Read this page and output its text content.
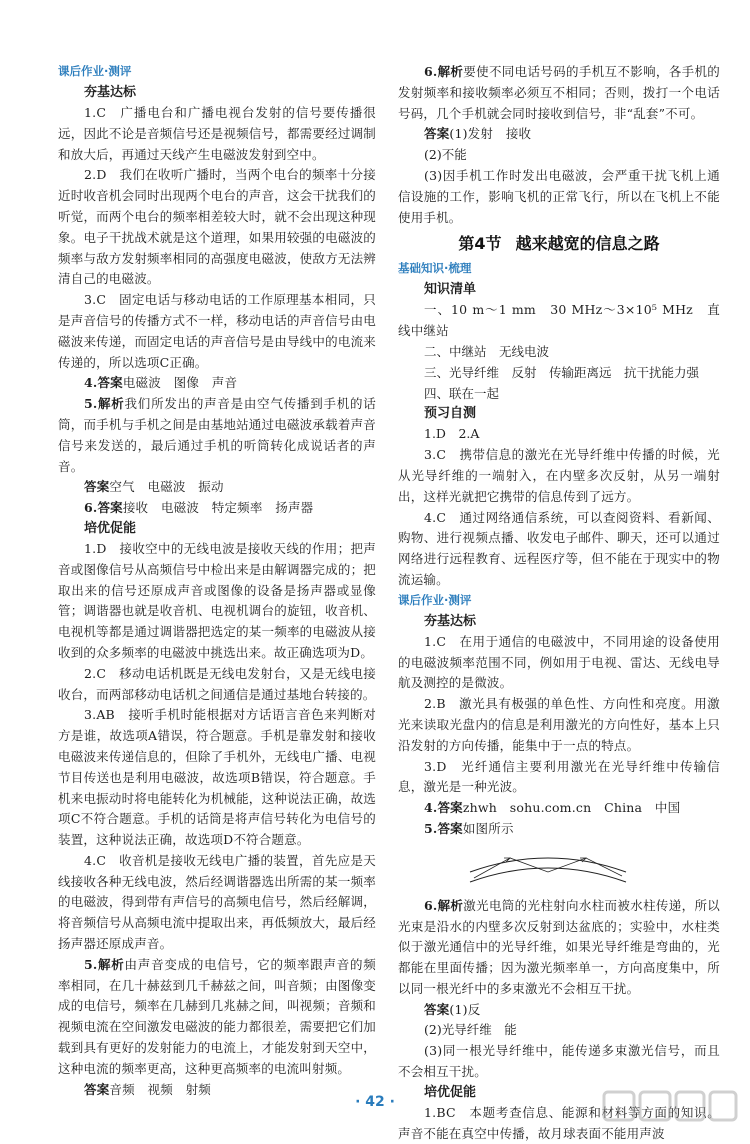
课后作业·测评
夯基达标

1.C　广播电台和广播电视台发射的信号要传播很远，因此不论是音频信号还是视频信号，都需要经过调制和放大后，再通过天线产生电磁波发射到空中。

2.D　我们在收听广播时，当两个电台的频率十分接近时收音机会同时出现两个电台的声音，这会干扰我们的听觉，而两个电台的频率相差较大时，就不会出现这种现象。电子干扰战术就是这个道理，如果用较强的电磁波的频率与敌方发射频率相同的高强度电磁波，使敌方无法辨清自己的电磁波。

3.C　固定电话与移动电话的工作原理基本相同，只是声音信号的传播方式不一样，移动电话的声音信号由电磁波来传递，而固定电话的声音信号是由导线中的电流来传递的，所以选项C正确。

4.答案电磁波　图像　声音

5.解析我们所发出的声音是由空气传播到手机的话筒，而手机与手机之间是由基地站通过电磁波承载着声音信号来发送的，最后通过手机的听筒转化成说话者的声音。

答案空气　电磁波　振动

6.答案接收　电磁波　特定频率　扬声器

培优促能

1.D　接收空中的无线电波是接收天线的作用；把声音或图像信号从高频信号中检出来是由解调器完成的；把取出来的信号还原成声音或图像的设备是扬声器或显像管；调谐器也就是收音机、电视机调台的旋钮，收音机、电视机等都是通过调谐器把选定的某一频率的电磁波从接收到的众多频率的电磁波中挑选出来。故正确选项为D。

2.C　移动电话机既是无线电发射台，又是无线电接收台，而两部移动电话机之间通信是通过基地台转接的。

3.AB　接听手机时能根据对方话语言音色来判断对方是谁，故选项A错误，符合题意。手机是靠发射和接收电磁波来传递信息的，但除了手机外，无线电广播、电视节目传送也是利用电磁波，故选项B错误，符合题意。手机来电振动时将电能转化为机械能，这种说法正确，故选项C不符合题意。手机的话筒是将声信号转化为电信号的装置，这种说法正确，故选项D不符合题意。

4.C　收音机是接收无线电广播的装置，首先应是天线接收各种无线电波，然后经调谐器选出所需的某一频率的电磁波，得到带有声信号的高频电信号，然后经解调，将音频信号从高频电流中提取出来，再低频放大，最后经扬声器还原成声音。

5.解析由声音变成的电信号，它的频率跟声音的频率相同，在几十赫兹到几千赫兹之间，叫音频；由图像变成的电信号，频率在几赫到几兆赫之间，叫视频；音频和视频电流在空间激发电磁波的能力都很差，需要把它们加载到具有更好的发射能力的电流上，才能发射到天空中，这种电流的频率更高，这种更高频率的电流叫射频。

答案音频　视频　射频

6.解析要使不同电话号码的手机互不影响，各手机的发射频率和接收频率必须互不相同；否则，拨打一个电话号码，几个手机就会同时接收到信号，非“乱套”不可。

答案(1)发射　接收

(2)不能

(3)因手机工作时发出电磁波，会严重干扰飞机上通信设施的工作，影响飞机的正常飞行，所以在飞机上不能使用手机。

第4节 越来越宽的信息之路
基础知识·梳理
知识清单

一、10 m～1 mm　30 MHz～3×10⁵ MHz　直线中继站

二、中继站　无线电波

三、光导纤维　反射　传输距离远　抗干扰能力强

四、联在一起

预习自测

1.D　2.A

3.C　携带信息的激光在光导纤维中传播的时候，光从光导纤维的一端射入，在内壁多次反射，从另一端射出，这样光就把它携带的信息传到了远方。

4.C　通过网络通信系统，可以查阅资料、看新闻、购物、进行视频点播、收发电子邮件、聊天，还可以通过网络进行远程教育、远程医疗等，但不能在于现实中的物流运输。

课后作业·测评
夯基达标

1.C　在用于通信的电磁波中，不同用途的设备使用的电磁波频率范围不同，例如用于电视、雷达、无线电导航及测控的是微波。

2.B　激光具有极强的单色性、方向性和亮度。用激光来读取光盘内的信息是利用激光的方向性好，基本上只沿发射的方向传播，能集中于一点的特点。

3.D　光纤通信主要利用激光在光导纤维中传输信息，激光是一种光波。

4.答案zhwh　sohu.com.cn　China　中国

5.答案如图所示

6.解析激光电筒的光柱射向水柱而被水柱传递，所以光束是沿水的内壁多次反射到达盆底的；实验中，水柱类似于激光通信中的光导纤维，如果光导纤维是弯曲的，光都能在里面传播；因为激光频率单一，方向高度集中，所以同一根光纤中的多束激光不会相互干扰。

答案(1)反

(2)光导纤维　能

(3)同一根光导纤维中，能传递多束激光信号，而且不会相互干扰。

培优促能

1.BC　本题考查信息、能源和材料等方面的知识。声音不能在真空中传播，故月球表面不能用声波

· 42 ·
